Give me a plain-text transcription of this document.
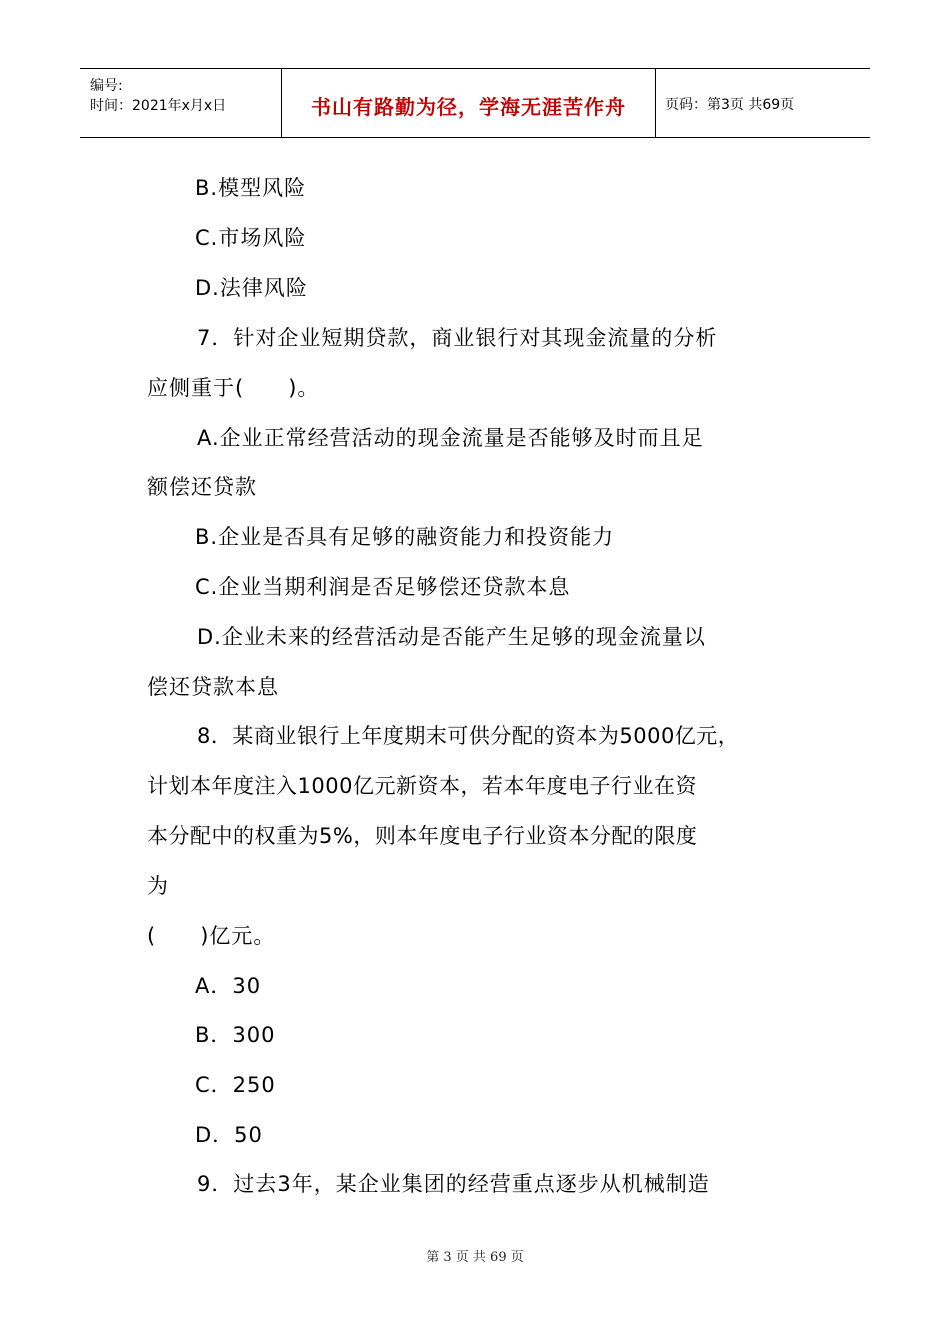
编号:
时间：2021年x月x日	书山有路勤为径，学海无涯苦作舟	页码：第3页 共69页
B.模型风险
C.市场风险
D.法律风险
7．针对企业短期贷款，商业银行对其现金流量的分析
应侧重于(　　)。
A.企业正常经营活动的现金流量是否能够及时而且足
额偿还贷款
B.企业是否具有足够的融资能力和投资能力
C.企业当期利润是否足够偿还贷款本息
D.企业未来的经营活动是否能产生足够的现金流量以
偿还贷款本息
8．某商业银行上年度期末可供分配的资本为5000亿元，
计划本年度注入1000亿元新资本，若本年度电子行业在资
本分配中的权重为5%，则本年度电子行业资本分配的限度
为
(　　)亿元。
A．30
B．300
C．250
D．50
9．过去3年，某企业集团的经营重点逐步从机械制造
第 3 页 共 69 页
